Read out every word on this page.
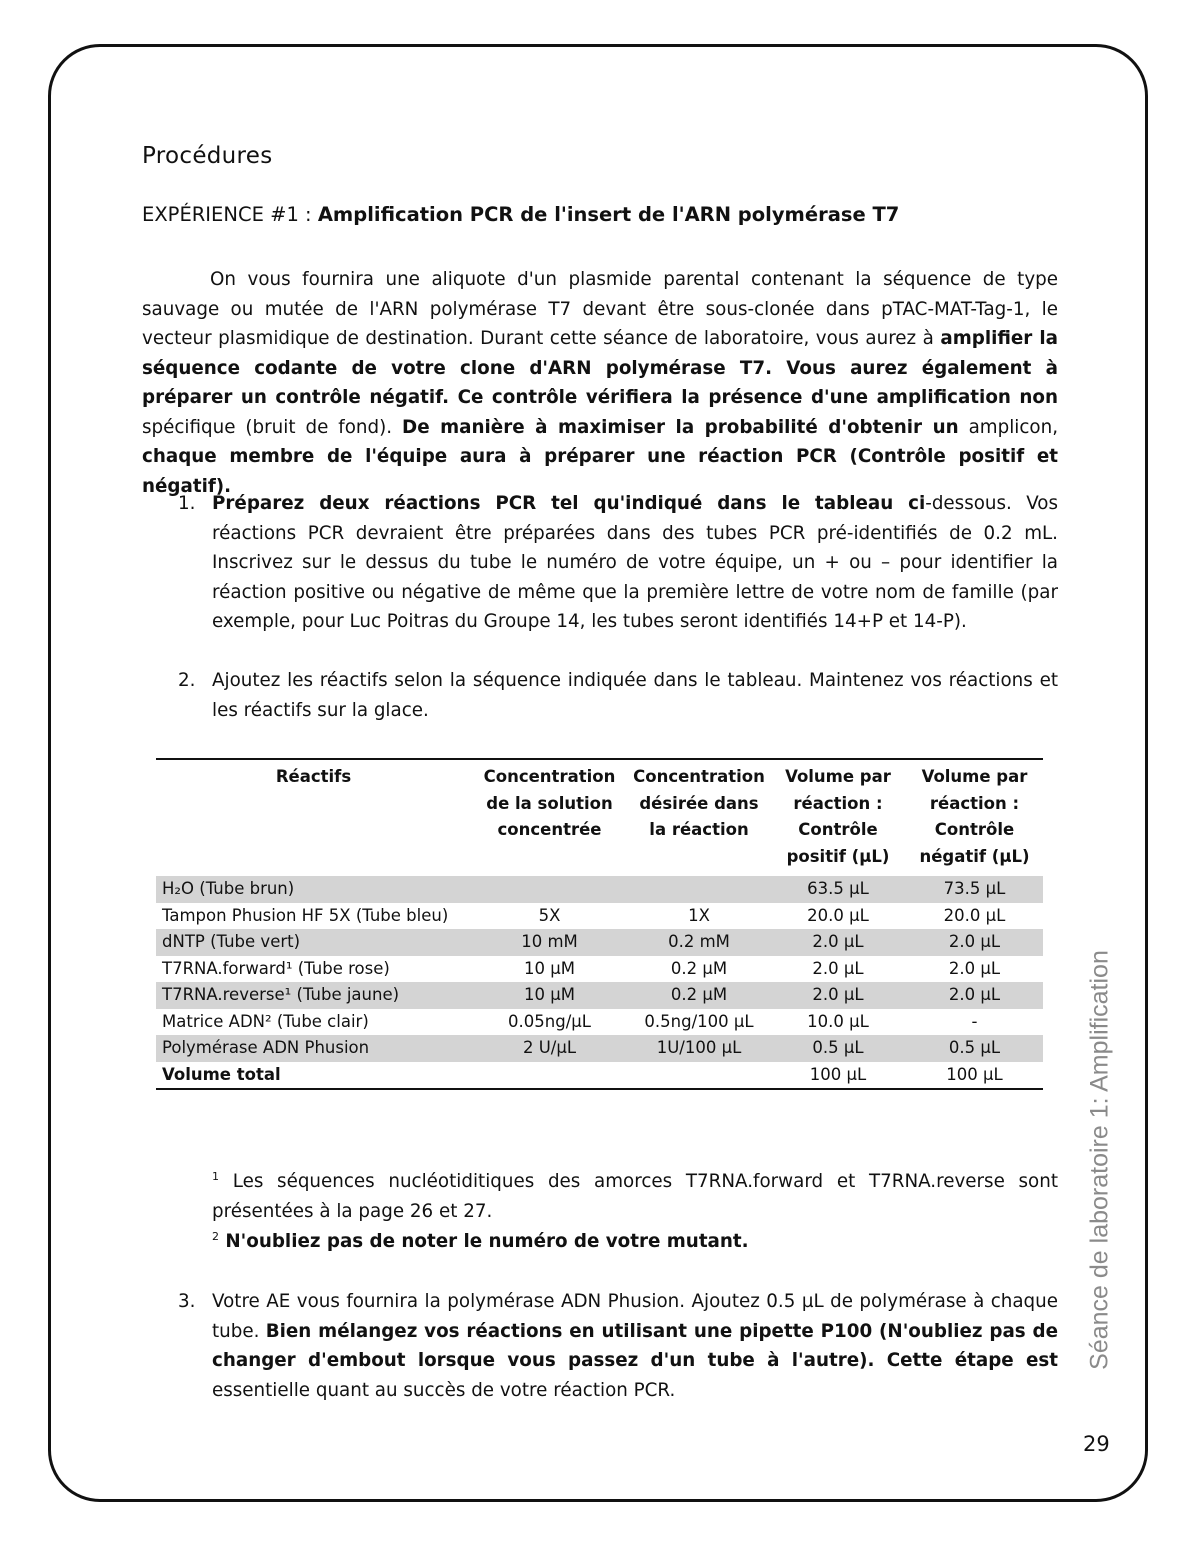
Procédures
EXPÉRIENCE #1 : Amplification PCR de l'insert de l'ARN polymérase T7
On vous fournira une aliquote d'un plasmide parental contenant la séquence de type sauvage ou mutée de l'ARN polymérase T7 devant être sous-clonée dans pTAC-MAT-Tag-1, le vecteur plasmidique de destination. Durant cette séance de laboratoire, vous aurez à amplifier la séquence codante de votre clone d'ARN polymérase T7. Vous aurez également à préparer un contrôle négatif. Ce contrôle vérifiera la présence d'une amplification non spécifique (bruit de fond). De manière à maximiser la probabilité d'obtenir un amplicon, chaque membre de l'équipe aura à préparer une réaction PCR (Contrôle positif et négatif).
1. Préparez deux réactions PCR tel qu'indiqué dans le tableau ci-dessous. Vos réactions PCR devraient être préparées dans des tubes PCR pré-identifiés de 0.2 mL. Inscrivez sur le dessus du tube le numéro de votre équipe, un + ou – pour identifier la réaction positive ou négative de même que la première lettre de votre nom de famille (par exemple, pour Luc Poitras du Groupe 14, les tubes seront identifiés 14+P et 14-P).
2. Ajoutez les réactifs selon la séquence indiquée dans le tableau. Maintenez vos réactions et les réactifs sur la glace.
Réactifs	Concentration de la solution concentrée	Concentration désirée dans la réaction	Volume par réaction : Contrôle positif (µL)	Volume par réaction : Contrôle négatif (µL)
H₂O (Tube brun)			63.5 µL	73.5 µL
Tampon Phusion HF 5X (Tube bleu)	5X	1X	20.0 µL	20.0 µL
dNTP (Tube vert)	10 mM	0.2 mM	2.0 µL	2.0 µL
T7RNA.forward¹ (Tube rose)	10 µM	0.2 µM	2.0 µL	2.0 µL
T7RNA.reverse¹ (Tube jaune)	10 µM	0.2 µM	2.0 µL	2.0 µL
Matrice ADN² (Tube clair)	0.05ng/µL	0.5ng/100 µL	10.0 µL	-
Polymérase ADN Phusion	2 U/µL	1U/100 µL	0.5 µL	0.5 µL
Volume total			100 µL	100 µL
$^1$ Les séquences nucléotiditiques des amorces T7RNA.forward et T7RNA.reverse sont présentées à la page 26 et 27.
$^2$ N'oubliez pas de noter le numéro de votre mutant.
3. Votre AE vous fournira la polymérase ADN Phusion. Ajoutez 0.5 µL de polymérase à chaque tube. Bien mélangez vos réactions en utilisant une pipette P100 (N'oubliez pas de changer d'embout lorsque vous passez d'un tube à l'autre). Cette étape est essentielle quant au succès de votre réaction PCR.
Séance de laboratoire 1: Amplification
29
